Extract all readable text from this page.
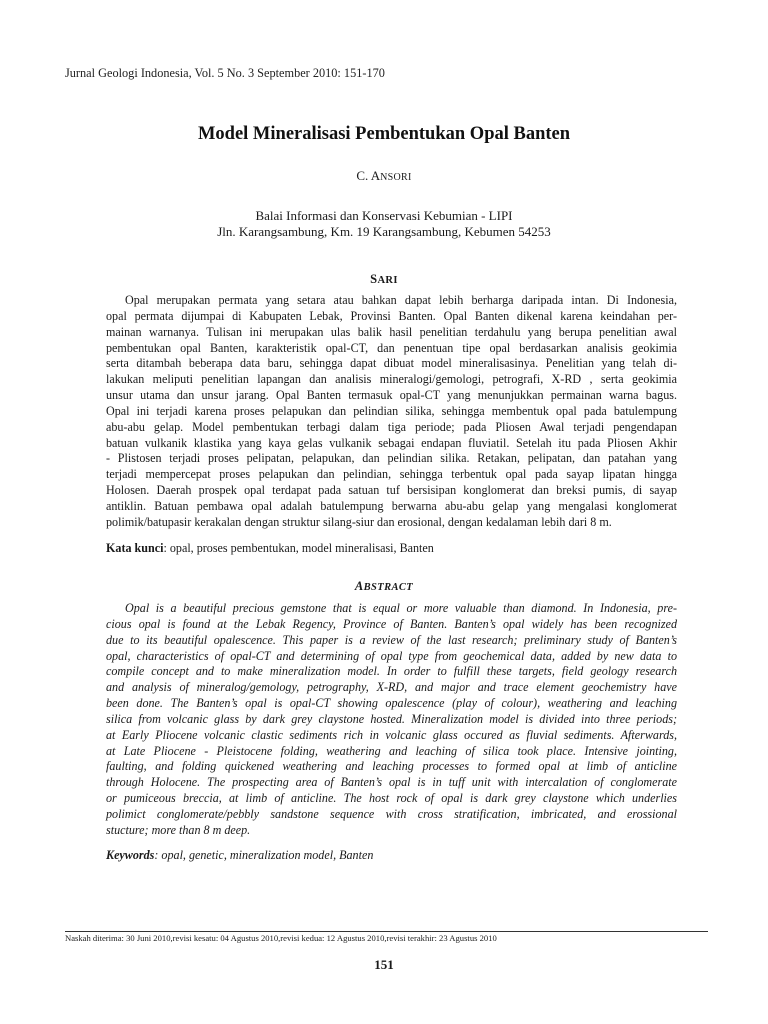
Jurnal Geologi Indonesia, Vol. 5 No. 3 September 2010: 151-170
Model Mineralisasi Pembentukan Opal Banten
C. ANSORI
Balai Informasi dan Konservasi Kebumian - LIPI
Jln. Karangsambung, Km. 19 Karangsambung, Kebumen 54253
SARI
Opal merupakan permata yang setara atau bahkan dapat lebih berharga daripada intan. Di Indonesia,
opal permata dijumpai di Kabupaten Lebak, Provinsi Banten. Opal Banten dikenal karena keindahan per-
mainan warnanya. Tulisan ini merupakan ulas balik hasil penelitian terdahulu yang berupa penelitian awal
pembentukan opal Banten, karakteristik opal-CT, dan penentuan tipe opal berdasarkan analisis geokimia
serta ditambah beberapa data baru, sehingga dapat dibuat model mineralisasinya. Penelitian yang telah di-
lakukan meliputi penelitian lapangan dan analisis mineralogi/gemologi, petrografi, X-RD , serta geokimia
unsur utama dan unsur jarang. Opal Banten termasuk opal-CT yang menunjukkan permainan warna bagus.
Opal ini terjadi karena proses pelapukan dan pelindian silika, sehingga membentuk opal pada batulempung
abu-abu gelap. Model pembentukan terbagi dalam tiga periode; pada Pliosen Awal terjadi pengendapan
batuan vulkanik klastika yang kaya gelas vulkanik sebagai endapan fluviatil. Setelah itu pada Pliosen Akhir
- Plistosen terjadi proses pelipatan, pelapukan, dan pelindian silika. Retakan, pelipatan, dan patahan yang
terjadi mempercepat proses pelapukan dan pelindian, sehingga terbentuk opal pada sayap lipatan hingga
Holosen. Daerah prospek opal terdapat pada satuan tuf bersisipan konglomerat dan breksi pumis, di sayap
antiklin. Batuan pembawa opal adalah batulempung berwarna abu-abu gelap yang mengalasi konglomerat
polimik/batupasir kerakalan dengan struktur silang-siur dan erosional, dengan kedalaman lebih dari 8 m.
Kata kunci: opal, proses pembentukan, model mineralisasi, Banten
ABSTRACT
Opal is a beautiful precious gemstone that is equal or more valuable than diamond. In Indonesia, pre-
cious opal is found at the Lebak Regency, Province of Banten. Banten’s opal widely has been recognized
due to its beautiful opalescence. This paper is a review of the last research; preliminary study of Banten’s
opal, characteristics of opal-CT and determining of opal type from geochemical data, added by new data to
compile concept and to make mineralization model. In order to fulfill these targets, field geology research
and analysis of mineralog/gemology, petrography, X-RD, and major and trace element geochemistry have
been done. The Banten’s opal is opal-CT showing opalescence (play of colour), weathering and leaching
silica from volcanic glass by dark grey claystone hosted. Mineralization model is divided into three periods;
at Early Pliocene volcanic clastic sediments rich in volcanic glass occured as fluvial sediments. Afterwards,
at Late Pliocene - Pleistocene folding, weathering and leaching of silica took place. Intensive jointing,
faulting, and folding quickened weathering and leaching processes to formed opal at limb of anticline
through Holocene. The prospecting area of Banten’s opal is in tuff unit with intercalation of conglomerate
or pumiceous breccia, at limb of anticline. The host rock of opal is dark grey claystone which underlies
polimict conglomerate/pebbly sandstone sequence with cross stratification, imbricated, and erossional
stucture; more than 8 m deep.
Keywords: opal, genetic, mineralization model, Banten
Naskah diterima: 30 Juni 2010,revisi kesatu: 04 Agustus 2010,revisi kedua: 12 Agustus 2010,revisi terakhir: 23 Agustus 2010
151
